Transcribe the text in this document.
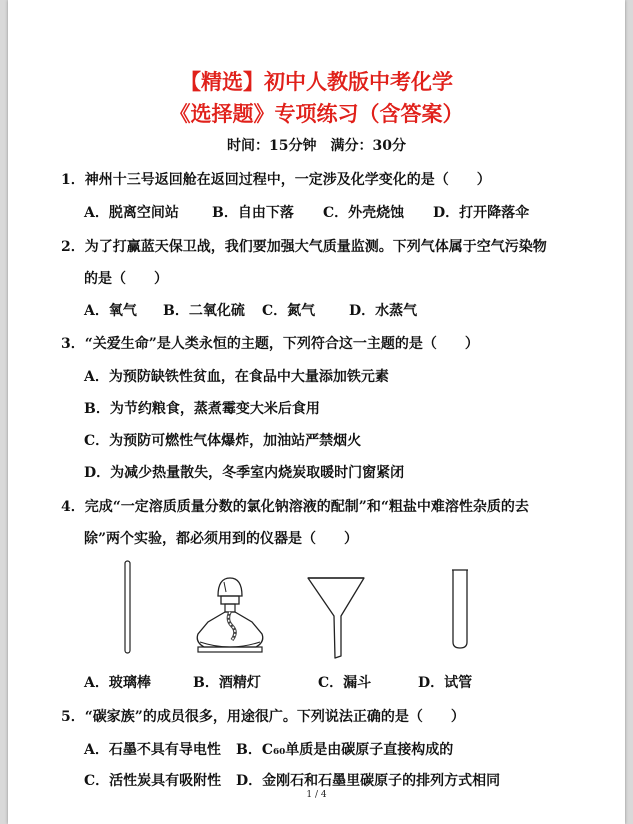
【精选】初中人教版中考化学
《选择题》专项练习（含答案）
时间：15分钟　满分：30分
1．神州十三号返回舱在返回过程中，一定涉及化学变化的是（　　）
A．脱离空间站 B．自由下落 C．外壳烧蚀 D．打开降落伞
2．为了打赢蓝天保卫战，我们要加强大气质量监测。下列气体属于空气污染物
的是（　　）
A．氧气 B．二氧化硫 C．氮气 D．水蒸气
3．“关爱生命”是人类永恒的主题，下列符合这一主题的是（　　）
A．为预防缺铁性贫血，在食品中大量添加铁元素
B．为节约粮食，蒸煮霉变大米后食用
C．为预防可燃性气体爆炸，加油站严禁烟火
D．为减少热量散失，冬季室内烧炭取暖时门窗紧闭
4．完成“一定溶质质量分数的氯化钠溶液的配制”和“粗盐中难溶性杂质的去
除”两个实验，都必须用到的仪器是（　　）
A．玻璃棒	B．酒精灯	C．漏斗	D．试管
5．“碳家族”的成员很多，用途很广。下列说法正确的是（　　）
A．石墨不具有导电性 B．C₆₀单质是由碳原子直接构成的
C．活性炭具有吸附性 D．金刚石和石墨里碳原子的排列方式相同
1 / 4
